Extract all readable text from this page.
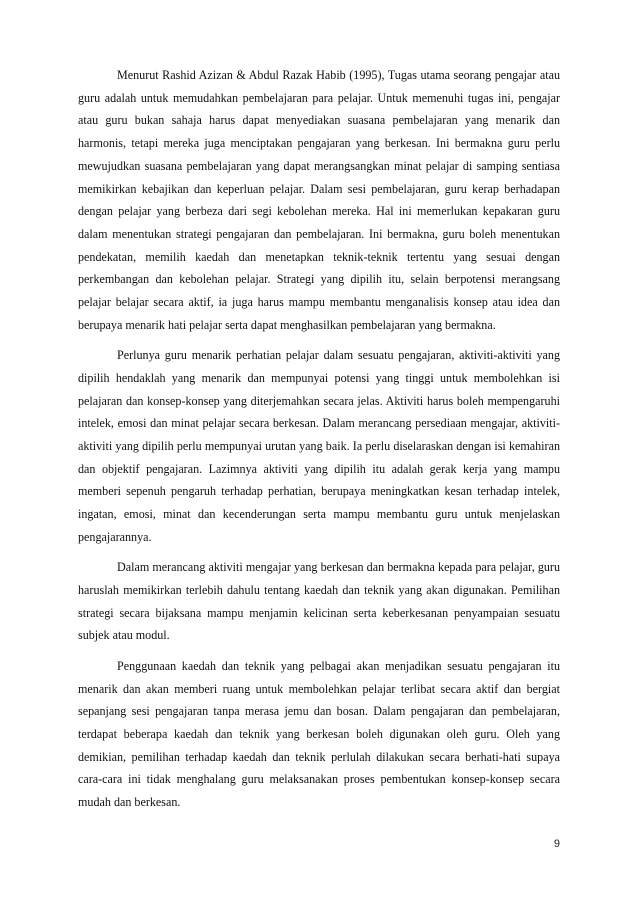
Menurut Rashid Azizan & Abdul Razak Habib (1995), Tugas utama seorang pengajar atau guru adalah untuk memudahkan pembelajaran para pelajar. Untuk memenuhi tugas ini, pengajar atau guru bukan sahaja harus dapat menyediakan suasana pembelajaran yang menarik dan harmonis, tetapi mereka juga menciptakan pengajaran yang berkesan. Ini bermakna guru perlu mewujudkan suasana pembelajaran yang dapat merangsangkan minat pelajar di samping sentiasa memikirkan kebajikan dan keperluan pelajar. Dalam sesi pembelajaran, guru kerap berhadapan dengan pelajar yang berbeza dari segi kebolehan mereka. Hal ini memerlukan kepakaran guru dalam menentukan strategi pengajaran dan pembelajaran. Ini bermakna, guru boleh menentukan pendekatan, memilih kaedah dan menetapkan teknik-teknik tertentu yang sesuai dengan perkembangan dan kebolehan pelajar. Strategi yang dipilih itu, selain berpotensi merangsang pelajar belajar secara aktif, ia juga harus mampu membantu menganalisis konsep atau idea dan berupaya menarik hati pelajar serta dapat menghasilkan pembelajaran yang bermakna.

Perlunya guru menarik perhatian pelajar dalam sesuatu pengajaran, aktiviti-aktiviti yang dipilih hendaklah yang menarik dan mempunyai potensi yang tinggi untuk membolehkan isi pelajaran dan konsep-konsep yang diterjemahkan secara jelas. Aktiviti harus boleh mempengaruhi intelek, emosi dan minat pelajar secara berkesan. Dalam merancang persediaan mengajar, aktiviti-aktiviti yang dipilih perlu mempunyai urutan yang baik. Ia perlu diselaraskan dengan isi kemahiran dan objektif pengajaran. Lazimnya aktiviti yang dipilih itu adalah gerak kerja yang mampu memberi sepenuh pengaruh terhadap perhatian, berupaya meningkatkan kesan terhadap intelek, ingatan, emosi, minat dan kecenderungan serta mampu membantu guru untuk menjelaskan pengajarannya.

Dalam merancang aktiviti mengajar yang berkesan dan bermakna kepada para pelajar, guru haruslah memikirkan terlebih dahulu tentang kaedah dan teknik yang akan digunakan. Pemilihan strategi secara bijaksana mampu menjamin kelicinan serta keberkesanan penyampaian sesuatu subjek atau modul.

Penggunaan kaedah dan teknik yang pelbagai akan menjadikan sesuatu pengajaran itu menarik dan akan memberi ruang untuk membolehkan pelajar terlibat secara aktif dan bergiat sepanjang sesi pengajaran tanpa merasa jemu dan bosan. Dalam pengajaran dan pembelajaran, terdapat beberapa kaedah dan teknik yang berkesan boleh digunakan oleh guru. Oleh yang demikian, pemilihan terhadap kaedah dan teknik perlulah dilakukan secara berhati-hati supaya cara-cara ini tidak menghalang guru melaksanakan proses pembentukan konsep-konsep secara mudah dan berkesan.

9
